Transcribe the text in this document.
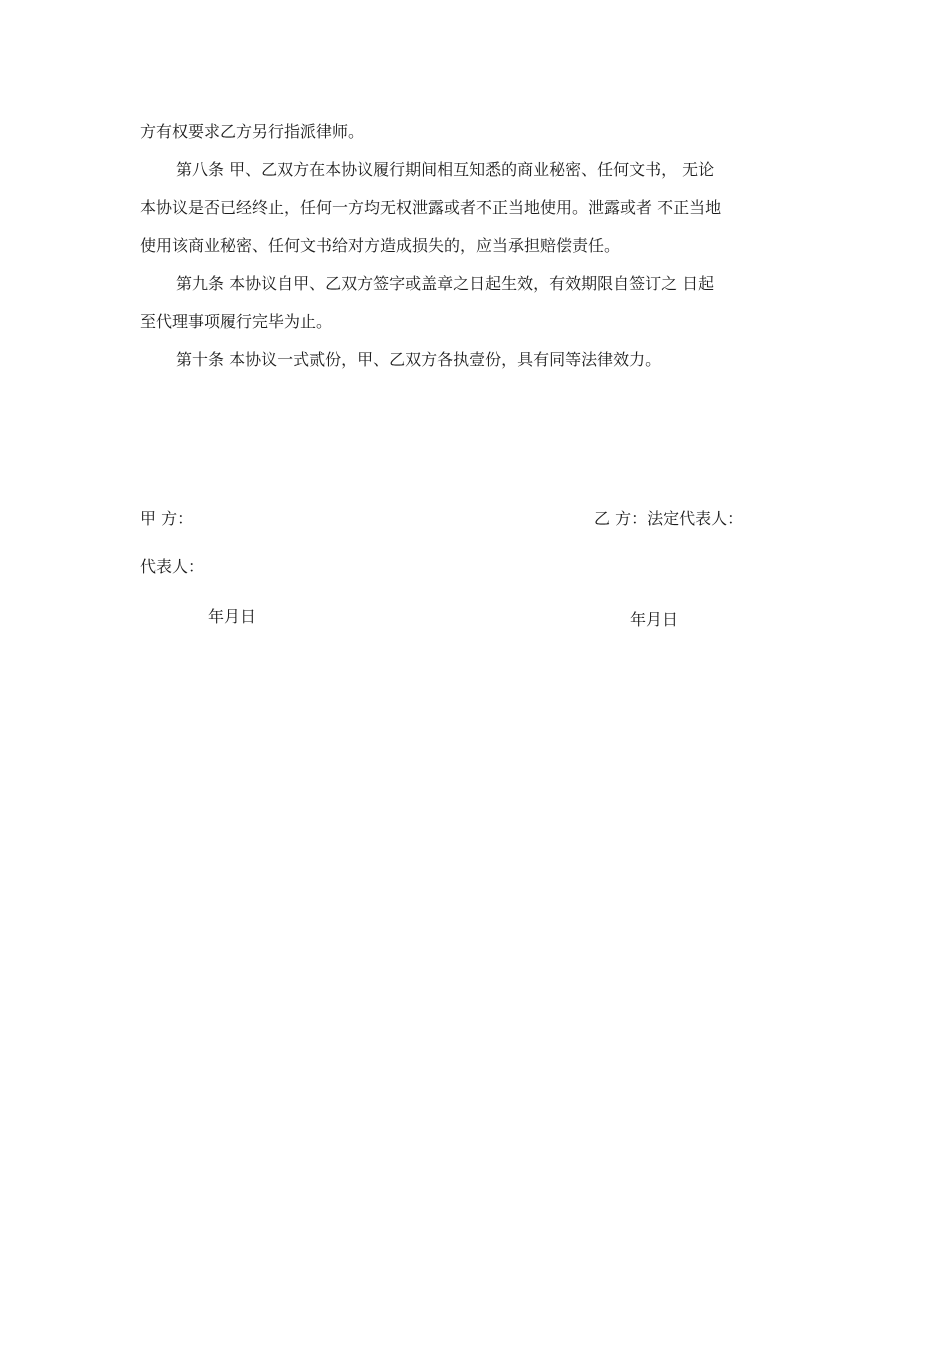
方有权要求乙方另行指派律师。
第八条 甲、乙双方在本协议履行期间相互知悉的商业秘密、任何文书， 无论
本协议是否已经终止，任何一方均无权泄露或者不正当地使用。泄露或者 不正当地
使用该商业秘密、任何文书给对方造成损失的，应当承担赔偿责任。
第九条 本协议自甲、乙双方签字或盖章之日起生效，有效期限自签订之 日起
至代理事项履行完毕为止。
第十条 本协议一式贰份，甲、乙双方各执壹份，具有同等法律效力。
甲 方：	乙 方：法定代表人：
代表人：
年月日	年月日
